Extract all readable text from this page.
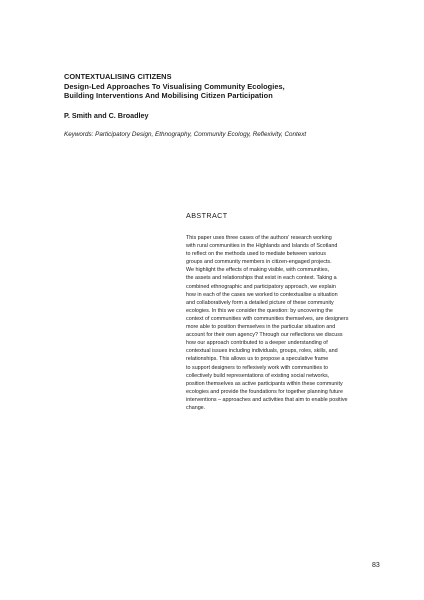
CONTEXTUALISING CITIZENS
Design-Led Approaches To Visualising Community Ecologies,
Building Interventions And Mobilising Citizen Participation
P. Smith and C. Broadley
Keywords: Participatory Design, Ethnography, Community Ecology, Reflexivity, Context
ABSTRACT
This paper uses three cases of the authors’ research working
with rural communities in the Highlands and Islands of Scotland
to reflect on the methods used to mediate between various
groups and community members in citizen-engaged projects.
We highlight the effects of making visible, with communities,
the assets and relationships that exist in each context. Taking a
combined ethnographic and participatory approach, we explain
how in each of the cases we worked to contextualise a situation
and collaboratively form a detailed picture of these community
ecologies. In this we consider the question: by uncovering the
context of communities with communities themselves, are designers
more able to position themselves in the particular situation and
account for their own agency? Through our reflections we discuss
how our approach contributed to a deeper understanding of
contextual issues including individuals, groups, roles, skills, and
relationships. This allows us to propose a speculative frame
to support designers to reflexively work with communities to
collectively build representations of existing social networks,
position themselves as active participants within these community
ecologies and provide the foundations for together planning future
interventions – approaches and activities that aim to enable positive
change.
83
